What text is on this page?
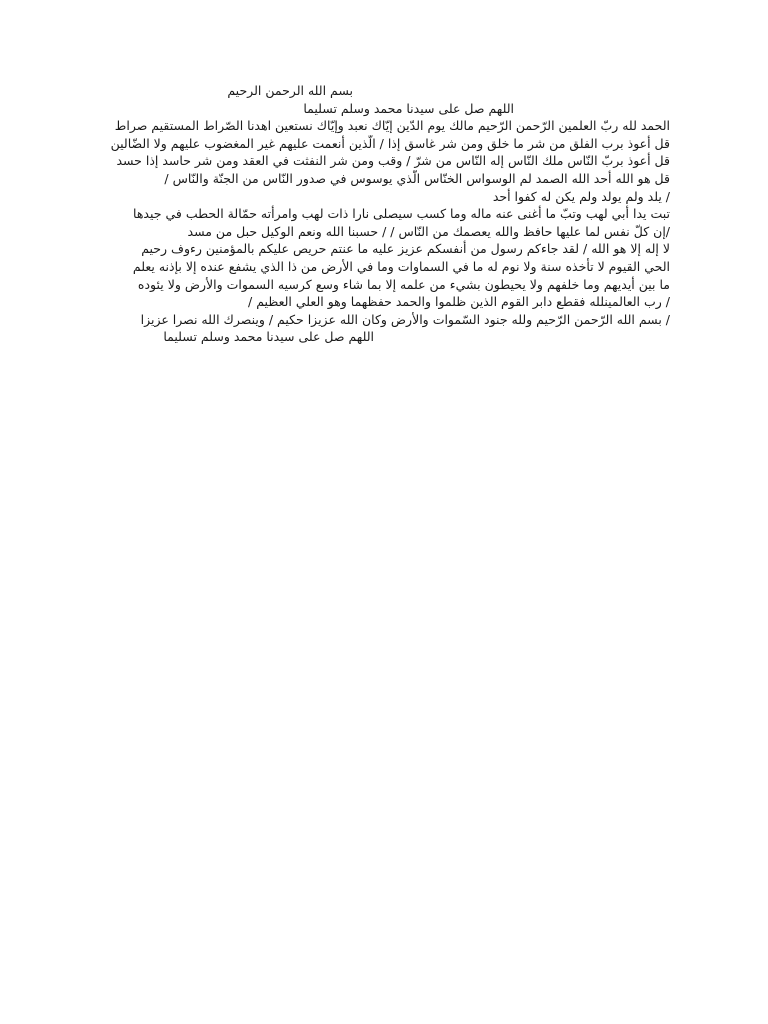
بسم الله الرحمن الرحيم
اللهم صل على سيدنا محمد وسلم تسليما
الحمد لله ربّ العلمين الرّحمن الرّحيم مالك يوم الدّين إيّاك نعبد وإيّاك نستعين اهدنا الصّراط المستقيم صراط
قل أعوذ برب الفلق من شر ما خلق ومن شر غاسق إذا / الّذين أنعمت عليهم غير المغضوب عليهم ولا الضّالين
قل أعوذ بربّ النّاس ملك النّاس إله النّاس من شرّ / وقب ومن شر النفثت في العقد ومن شر حاسد إذا حسد
قل هو الله أحد الله الصمد لم الوسواس الخنّاس الّذي يوسوس في صدور النّاس من الجنّة والنّاس /
/ يلد ولم يولد ولم يكن له كفوا أحد
تبت يدا أبي لهب وتبّ ما أغنى عنه ماله وما كسب سيصلى نارا ذات لهب وامرأته حمّالة الحطب في جيدها
/إن كلّ نفس لما عليها حافظ والله يعصمك من النّاس / / حسبنا الله ونعم الوكيل حبل من مسد
لا إله إلا هو الله / لقد جاءكم رسول من أنفسكم عزيز عليه ما عنتم حريص عليكم بالمؤمنين رءوف رحيم
الحي القيوم لا تأخذه سنة ولا نوم له ما في السماوات وما في الأرض من ذا الذي يشفع عنده إلا بإذنه يعلم
ما بين أيديهم وما خلفهم ولا يحيطون بشيء من علمه إلا بما شاء وسع كرسيه السموات والأرض ولا يئوده
/ رب العالمينلله فقطع دابر القوم الذين ظلموا والحمد حفظهما وهو العلي العظيم /
/ بسم الله الرّحمن الرّحيم ولله جنود السّموات والأرض وكان الله عزيزا حكيم / وينصرك الله نصرا عزيزا
اللهم صل على سيدنا محمد وسلم تسليما
